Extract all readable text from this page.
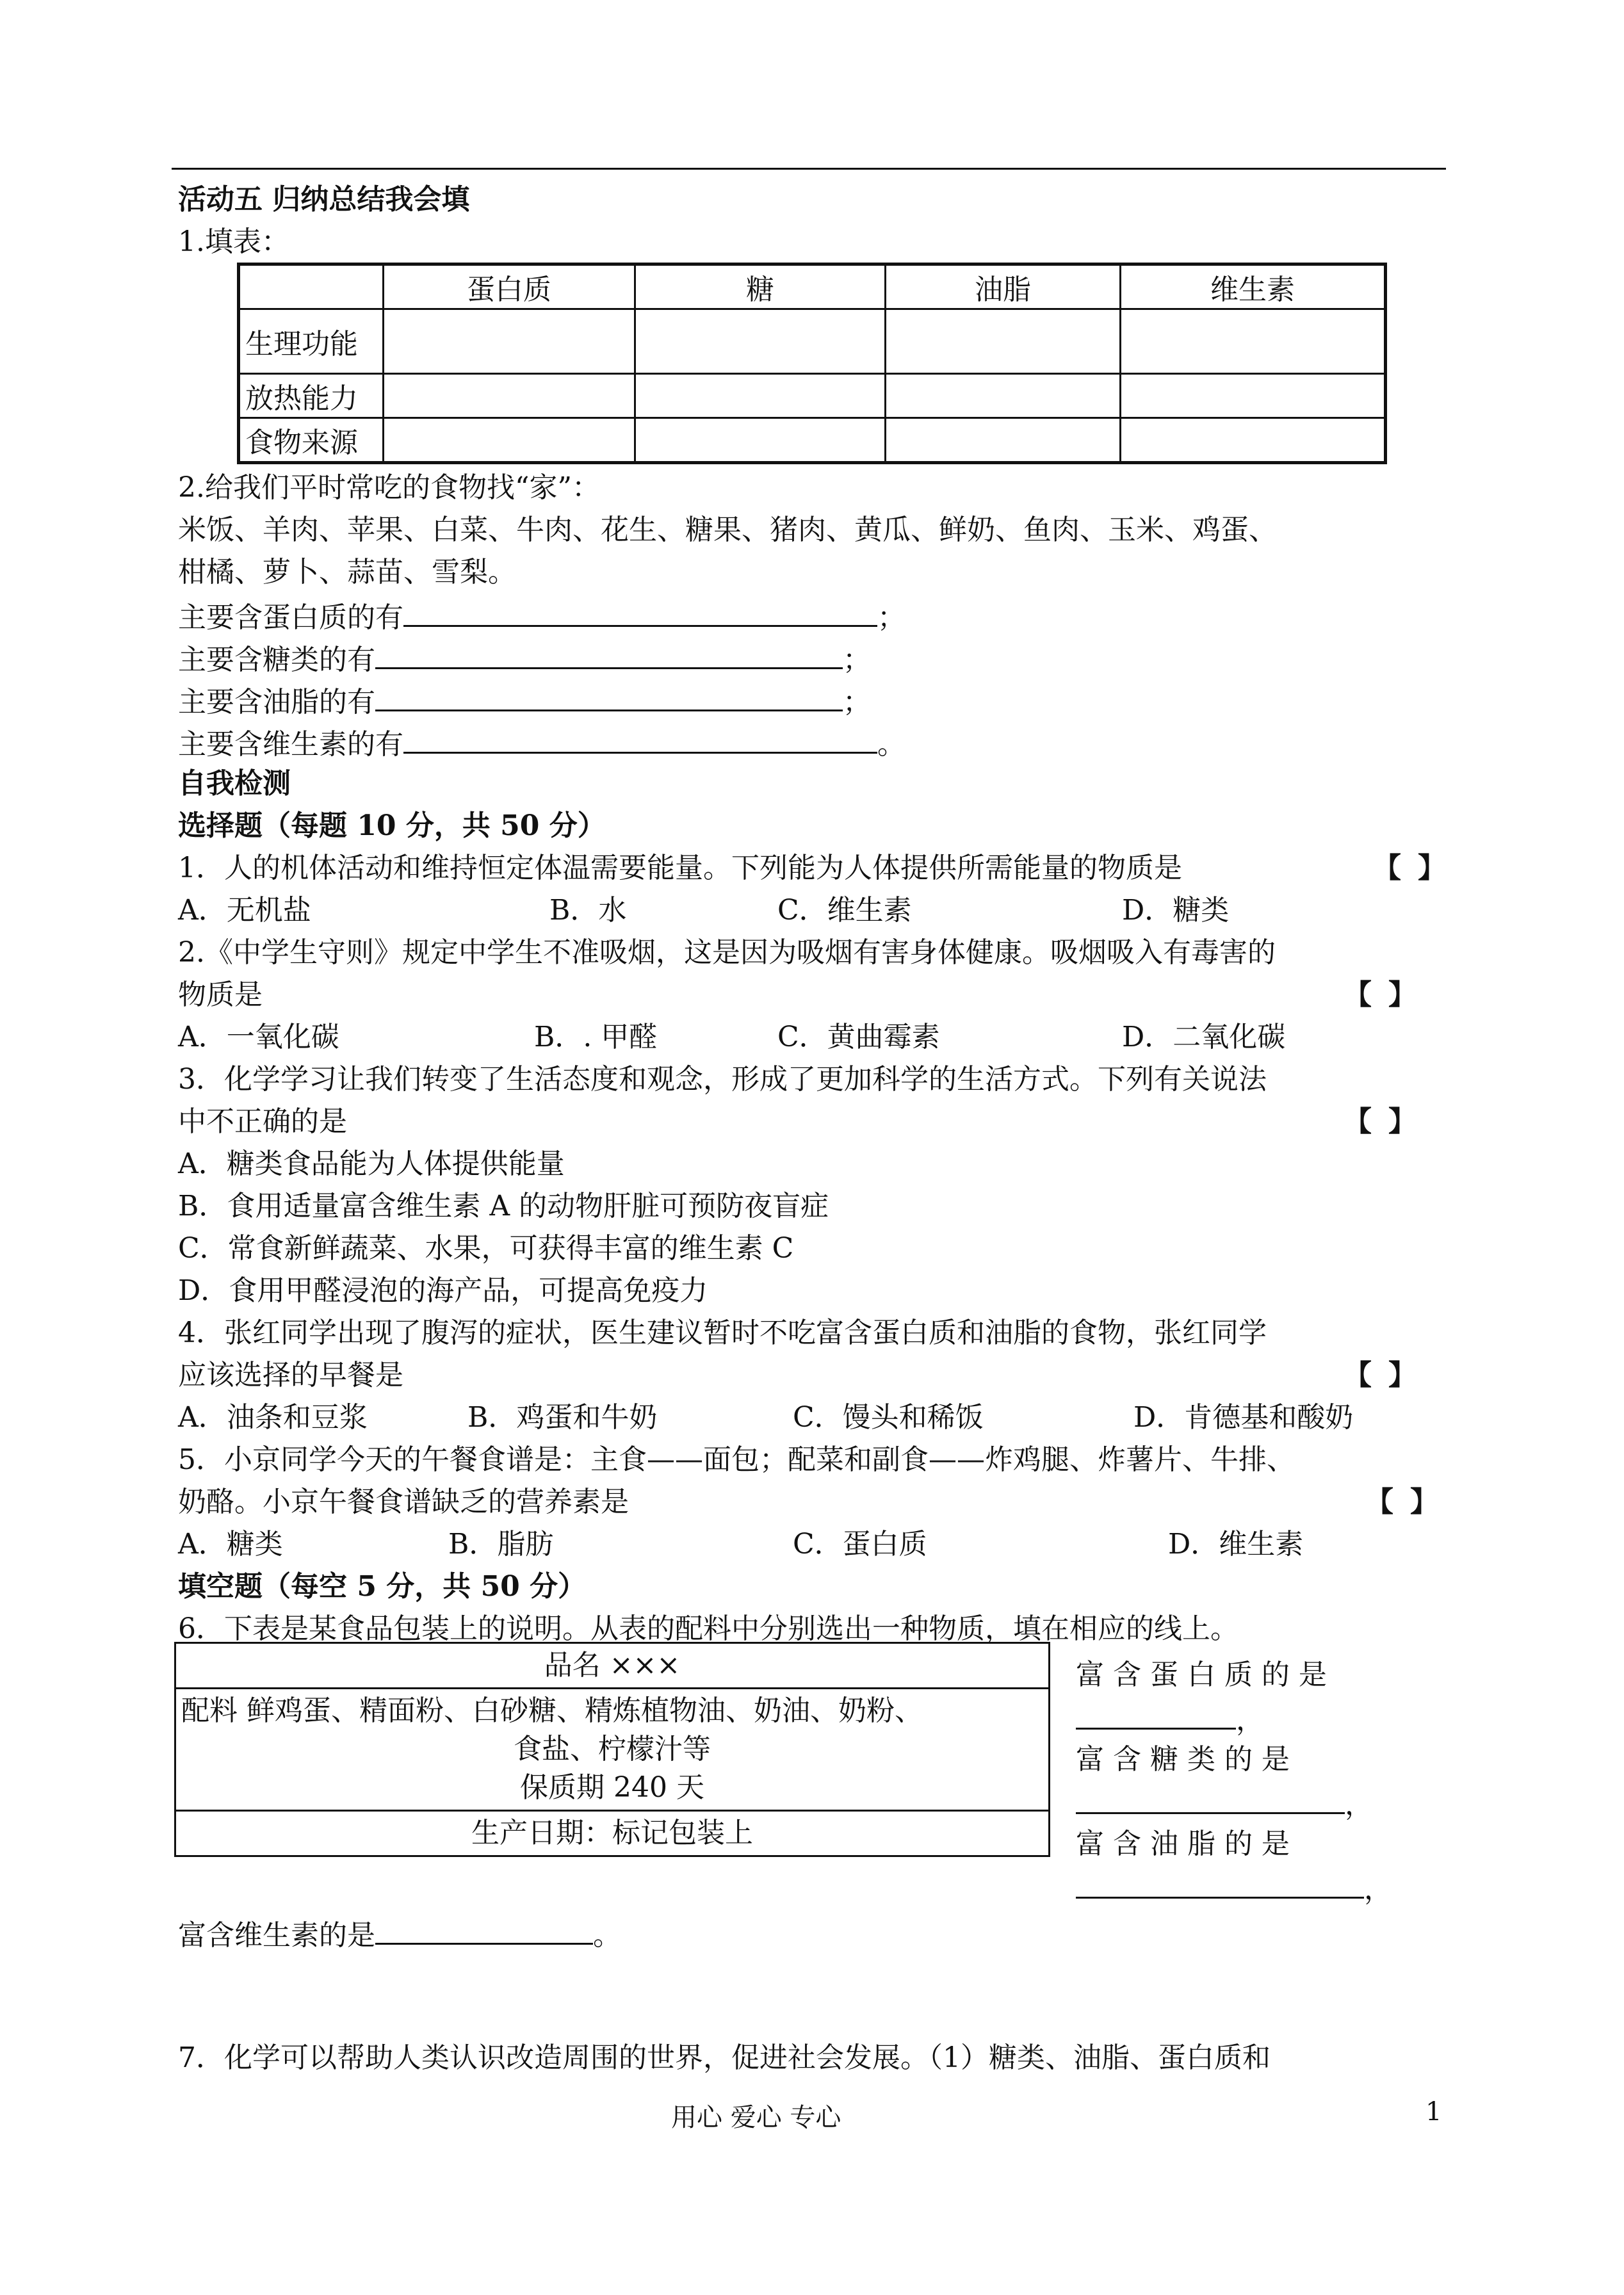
活动五 归纳总结我会填
1.填表：
	蛋白质	糖	油脂	维生素
生理功能				
放热能力				
食物来源				
2.给我们平时常吃的食物找“家”：
米饭、羊肉、苹果、白菜、牛肉、花生、糖果、猪肉、黄瓜、鲜奶、鱼肉、玉米、鸡蛋、
柑橘、萝卜、蒜苗、雪梨。
主要含蛋白质的有	；
主要含糖类的有	；
主要含油脂的有	；
主要含维生素的有	。
自我检测
选择题（每题 10 分，共 50 分）
1．人的机体活动和维持恒定体温需要能量。下列能为人体提供所需能量的物质是	【 】
A．无机盐	B．水	C．维生素	D．糖类
2.《中学生守则》规定中学生不准吸烟，这是因为吸烟有害身体健康。吸烟吸入有毒害的
物质是	【 】
A．一氧化碳	B．. 甲醛	C．黄曲霉素	D．二氧化碳
3．化学学习让我们转变了生活态度和观念，形成了更加科学的生活方式。下列有关说法
中不正确的是	【 】
A．糖类食品能为人体提供能量
B．食用适量富含维生素 A 的动物肝脏可预防夜盲症
C．常食新鲜蔬菜、水果，可获得丰富的维生素 C
D．食用甲醛浸泡的海产品，可提高免疫力
4．张红同学出现了腹泻的症状，医生建议暂时不吃富含蛋白质和油脂的食物，张红同学
应该选择的早餐是	【 】
A．油条和豆浆	B．鸡蛋和牛奶	C．馒头和稀饭	D．肯德基和酸奶
5．小京同学今天的午餐食谱是：主食——面包；配菜和副食——炸鸡腿、炸薯片、牛排、
奶酪。小京午餐食谱缺乏的营养素是	【 】
A．糖类	B．脂肪	C．蛋白质	D．维生素
填空题（每空 5 分，共 50 分）
6．下表是某食品包装上的说明。从表的配料中分别选出一种物质，填在相应的线上。
品名 ×××

配料 鲜鸡蛋、精面粉、白砂糖、精炼植物油、奶油、奶粉、
食盐、柠檬汁等
保质期 240 天

生产日期：标记包装上
富 含 蛋 白 质 的 是
，
富 含 糖 类 的 是
，
富 含 油 脂 的 是
，
富含维生素的是	。
7．化学可以帮助人类认识改造周围的世界，促进社会发展。（1）糖类、油脂、蛋白质和
用心 爱心 专心	1
